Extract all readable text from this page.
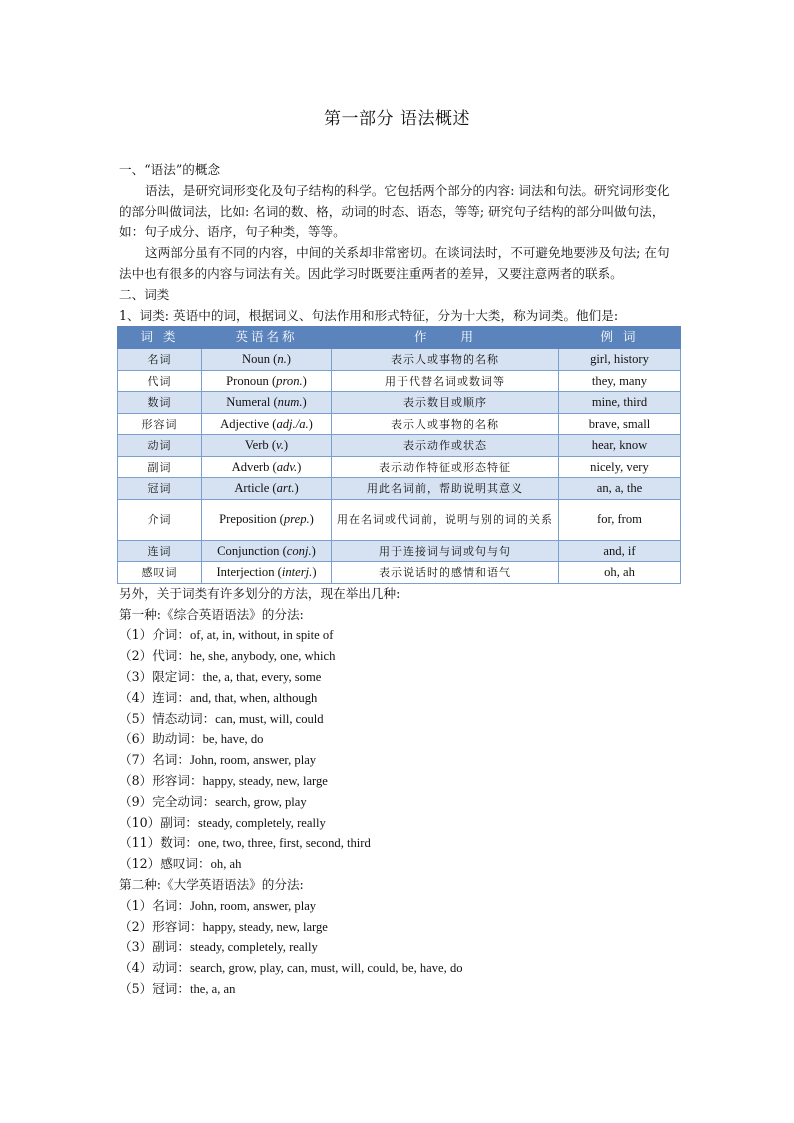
第一部分 语法概述

一、“语法”的概念

语法，是研究词形变化及句子结构的科学。它包括两个部分的内容: 词法和句法。研究词形变化的部分叫做词法，比如: 名词的数、格，动词的时态、语态，等等; 研究句子结构的部分叫做句法，如：句子成分、语序，句子种类，等等。

这两部分虽有不同的内容，中间的关系却非常密切。在谈词法时，不可避免地要涉及句法; 在句法中也有很多的内容与词法有关。因此学习时既要注重两者的差异，又要注意两者的联系。

二、词类

1、词类: 英语中的词，根据词义、句法作用和形式特征，分为十大类，称为词类。他们是:

词 类	英语名称	作　　用	例 词
名词	Noun (n.)	表示人或事物的名称	girl, history
代词	Pronoun (pron.)	用于代替名词或数词等	they, many
数词	Numeral (num.)	表示数目或顺序	mine, third
形容词	Adjective (adj./a.)	表示人或事物的名称	brave, small
动词	Verb (v.)	表示动作或状态	hear, know
副词	Adverb (adv.)	表示动作特征或形态特征	nicely, very
冠词	Article (art.)	用此名词前，帮助说明其意义	an, a, the
介词	Preposition (prep.)	用在名词或代词前，说明与别的词的关系	for, from
连词	Conjunction (conj.)	用于连接词与词或句与句	and, if
感叹词	Interjection (interj.)	表示说话时的感情和语气	oh, ah

另外，关于词类有许多划分的方法，现在举出几种:

第一种:《综合英语语法》的分法:

（1）介词：of, at, in, without, in spite of

（2）代词：he, she, anybody, one, which

（3）限定词：the, a, that, every, some

（4）连词：and, that, when, although

（5）情态动词：can, must, will, could

（6）助动词：be, have, do

（7）名词：John, room, answer, play

（8）形容词：happy, steady, new, large

（9）完全动词：search, grow, play

（10）副词：steady, completely, really

（11）数词：one, two, three, first, second, third

（12）感叹词：oh, ah

第二种:《大学英语语法》的分法:

（1）名词：John, room, answer, play

（2）形容词：happy, steady, new, large

（3）副词：steady, completely, really

（4）动词：search, grow, play, can, must, will, could, be, have, do

（5）冠词：the, a, an
